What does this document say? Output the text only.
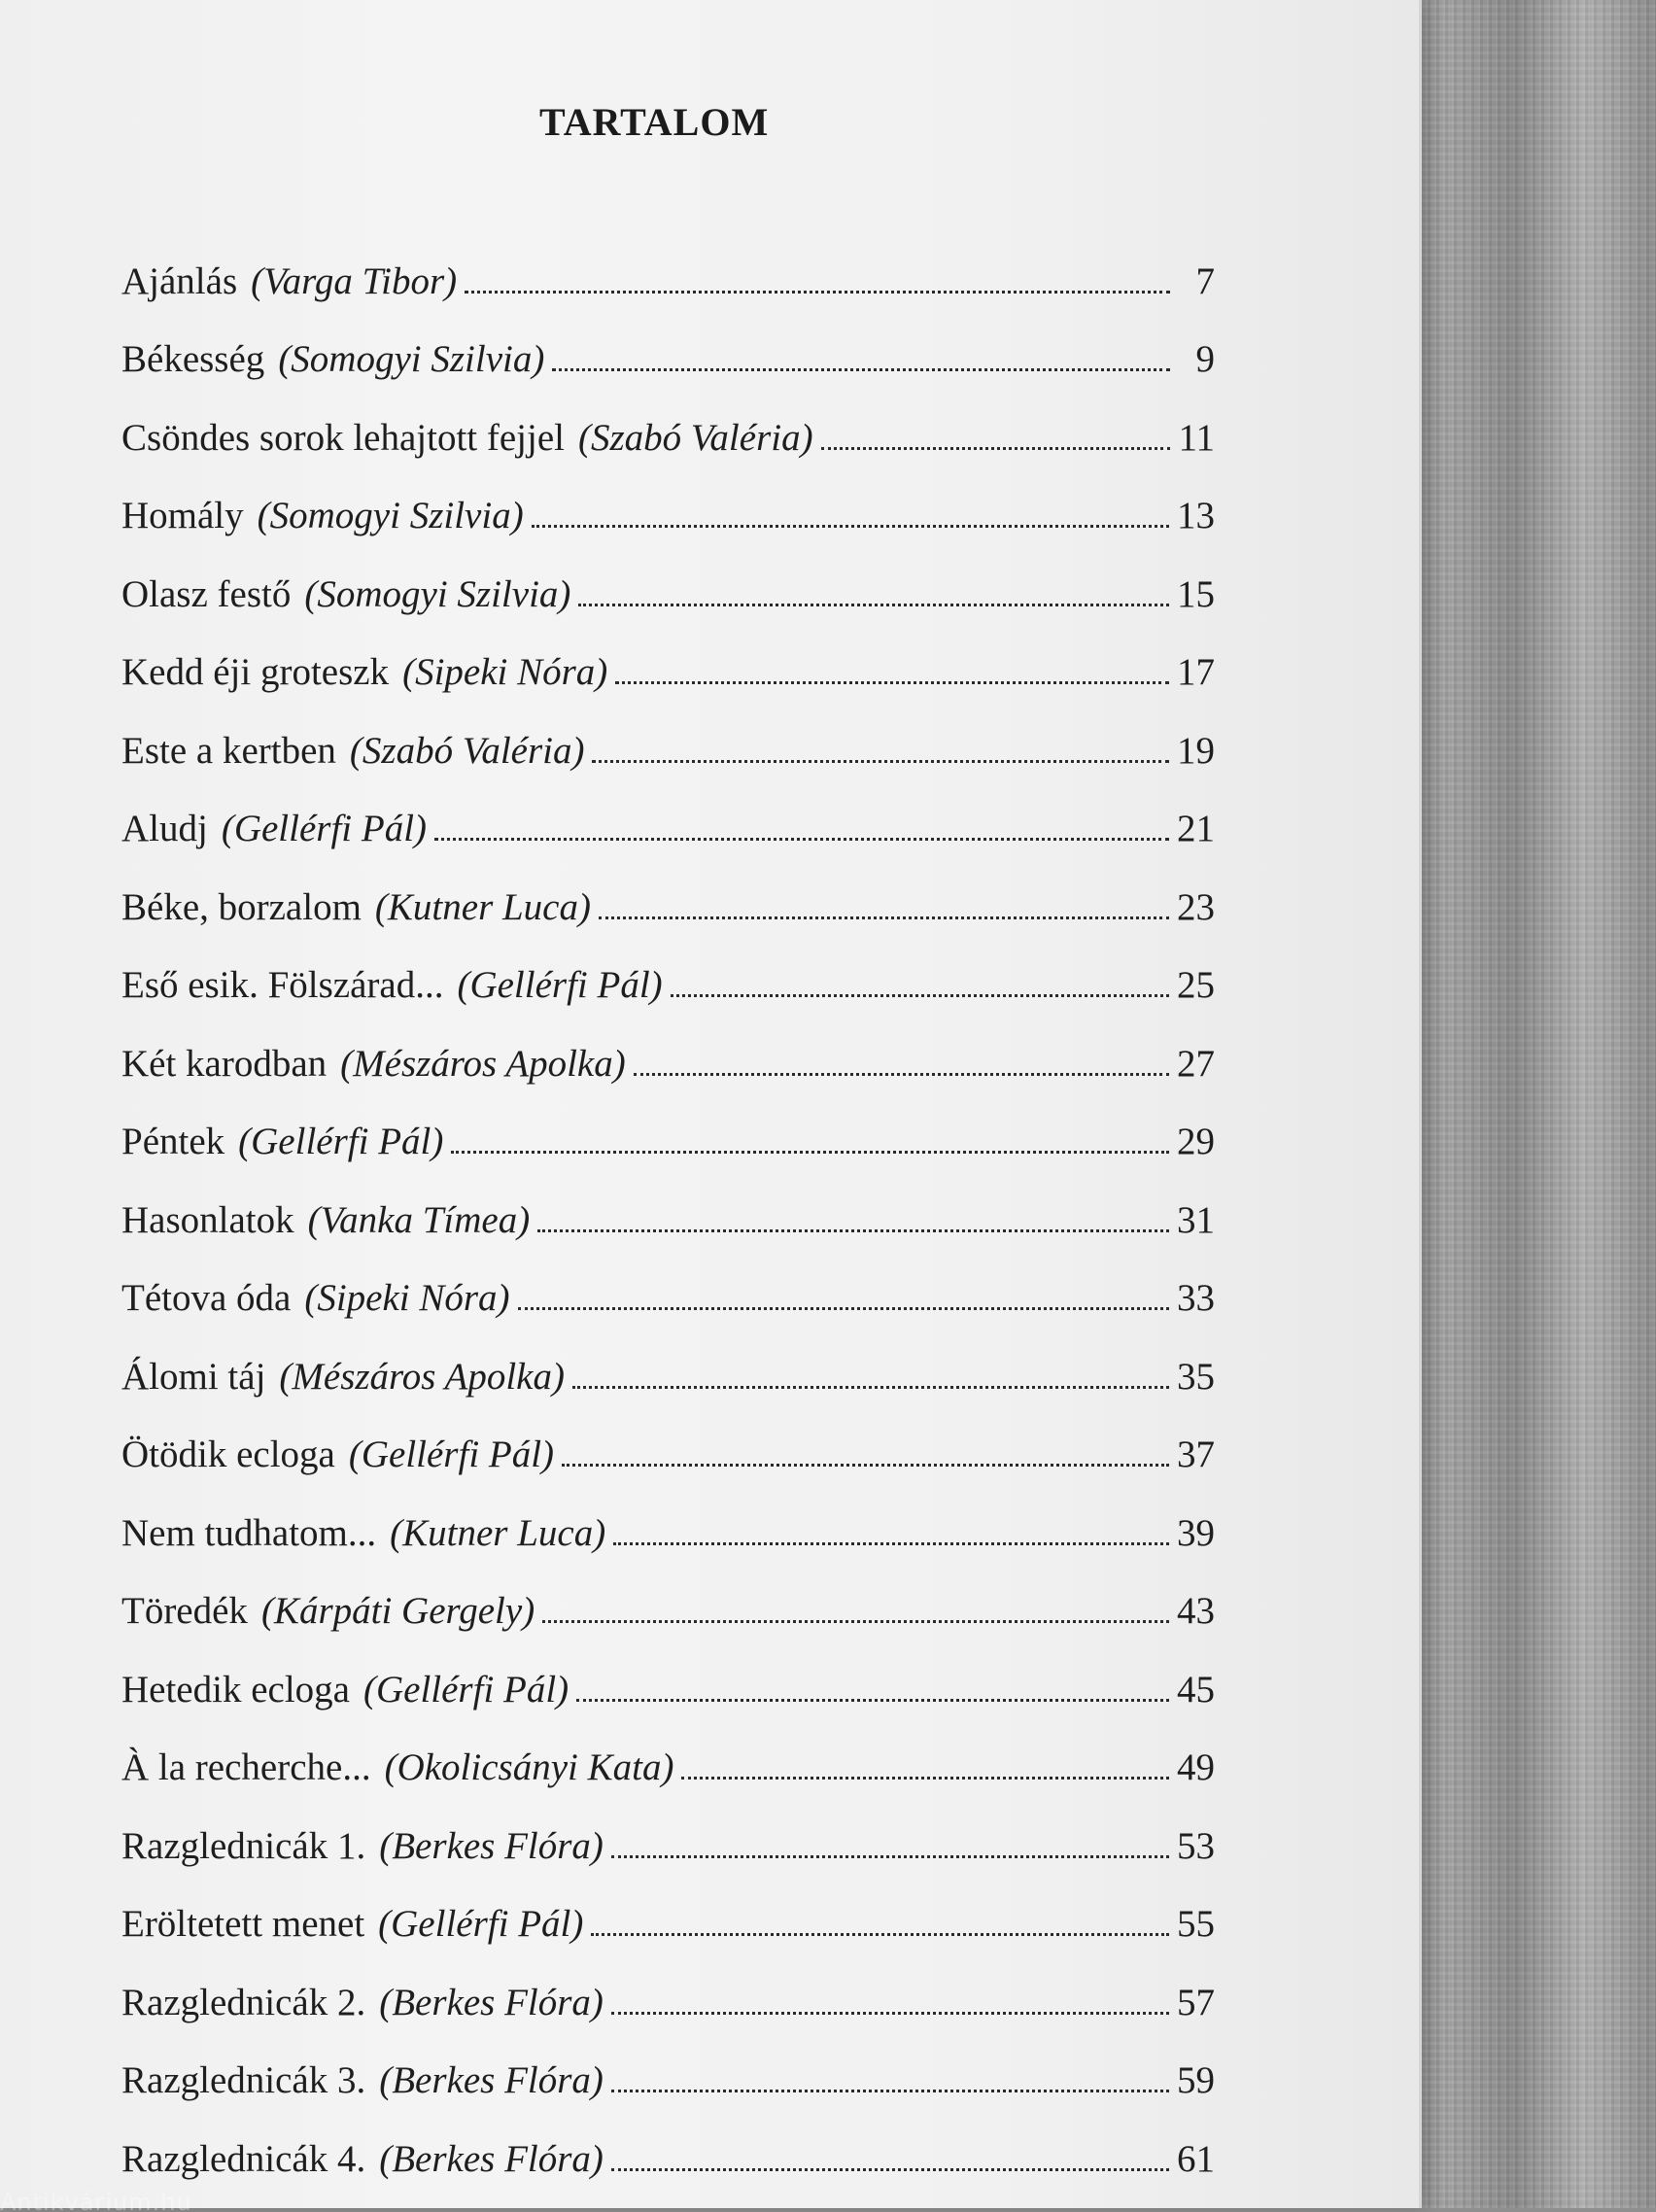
TARTALOM
Ajánlás (Varga Tibor)	7
Békesség (Somogyi Szilvia)	9
Csöndes sorok lehajtott fejjel (Szabó Valéria)	11
Homály (Somogyi Szilvia)	13
Olasz festő (Somogyi Szilvia)	15
Kedd éji groteszk (Sipeki Nóra)	17
Este a kertben (Szabó Valéria)	19
Aludj (Gellérfi Pál)	21
Béke, borzalom (Kutner Luca)	23
Eső esik. Fölszárad... (Gellérfi Pál)	25
Két karodban (Mészáros Apolka)	27
Péntek (Gellérfi Pál)	29
Hasonlatok (Vanka Tímea)	31
Tétova óda (Sipeki Nóra)	33
Álomi táj (Mészáros Apolka)	35
Ötödik ecloga (Gellérfi Pál)	37
Nem tudhatom... (Kutner Luca)	39
Töredék (Kárpáti Gergely)	43
Hetedik ecloga (Gellérfi Pál)	45
À la recherche... (Okolicsányi Kata)	49
Razglednicák 1. (Berkes Flóra)	53
Eröltetett menet (Gellérfi Pál)	55
Razglednicák 2. (Berkes Flóra)	57
Razglednicák 3. (Berkes Flóra)	59
Razglednicák 4. (Berkes Flóra)	61
Antikvárium.hu
